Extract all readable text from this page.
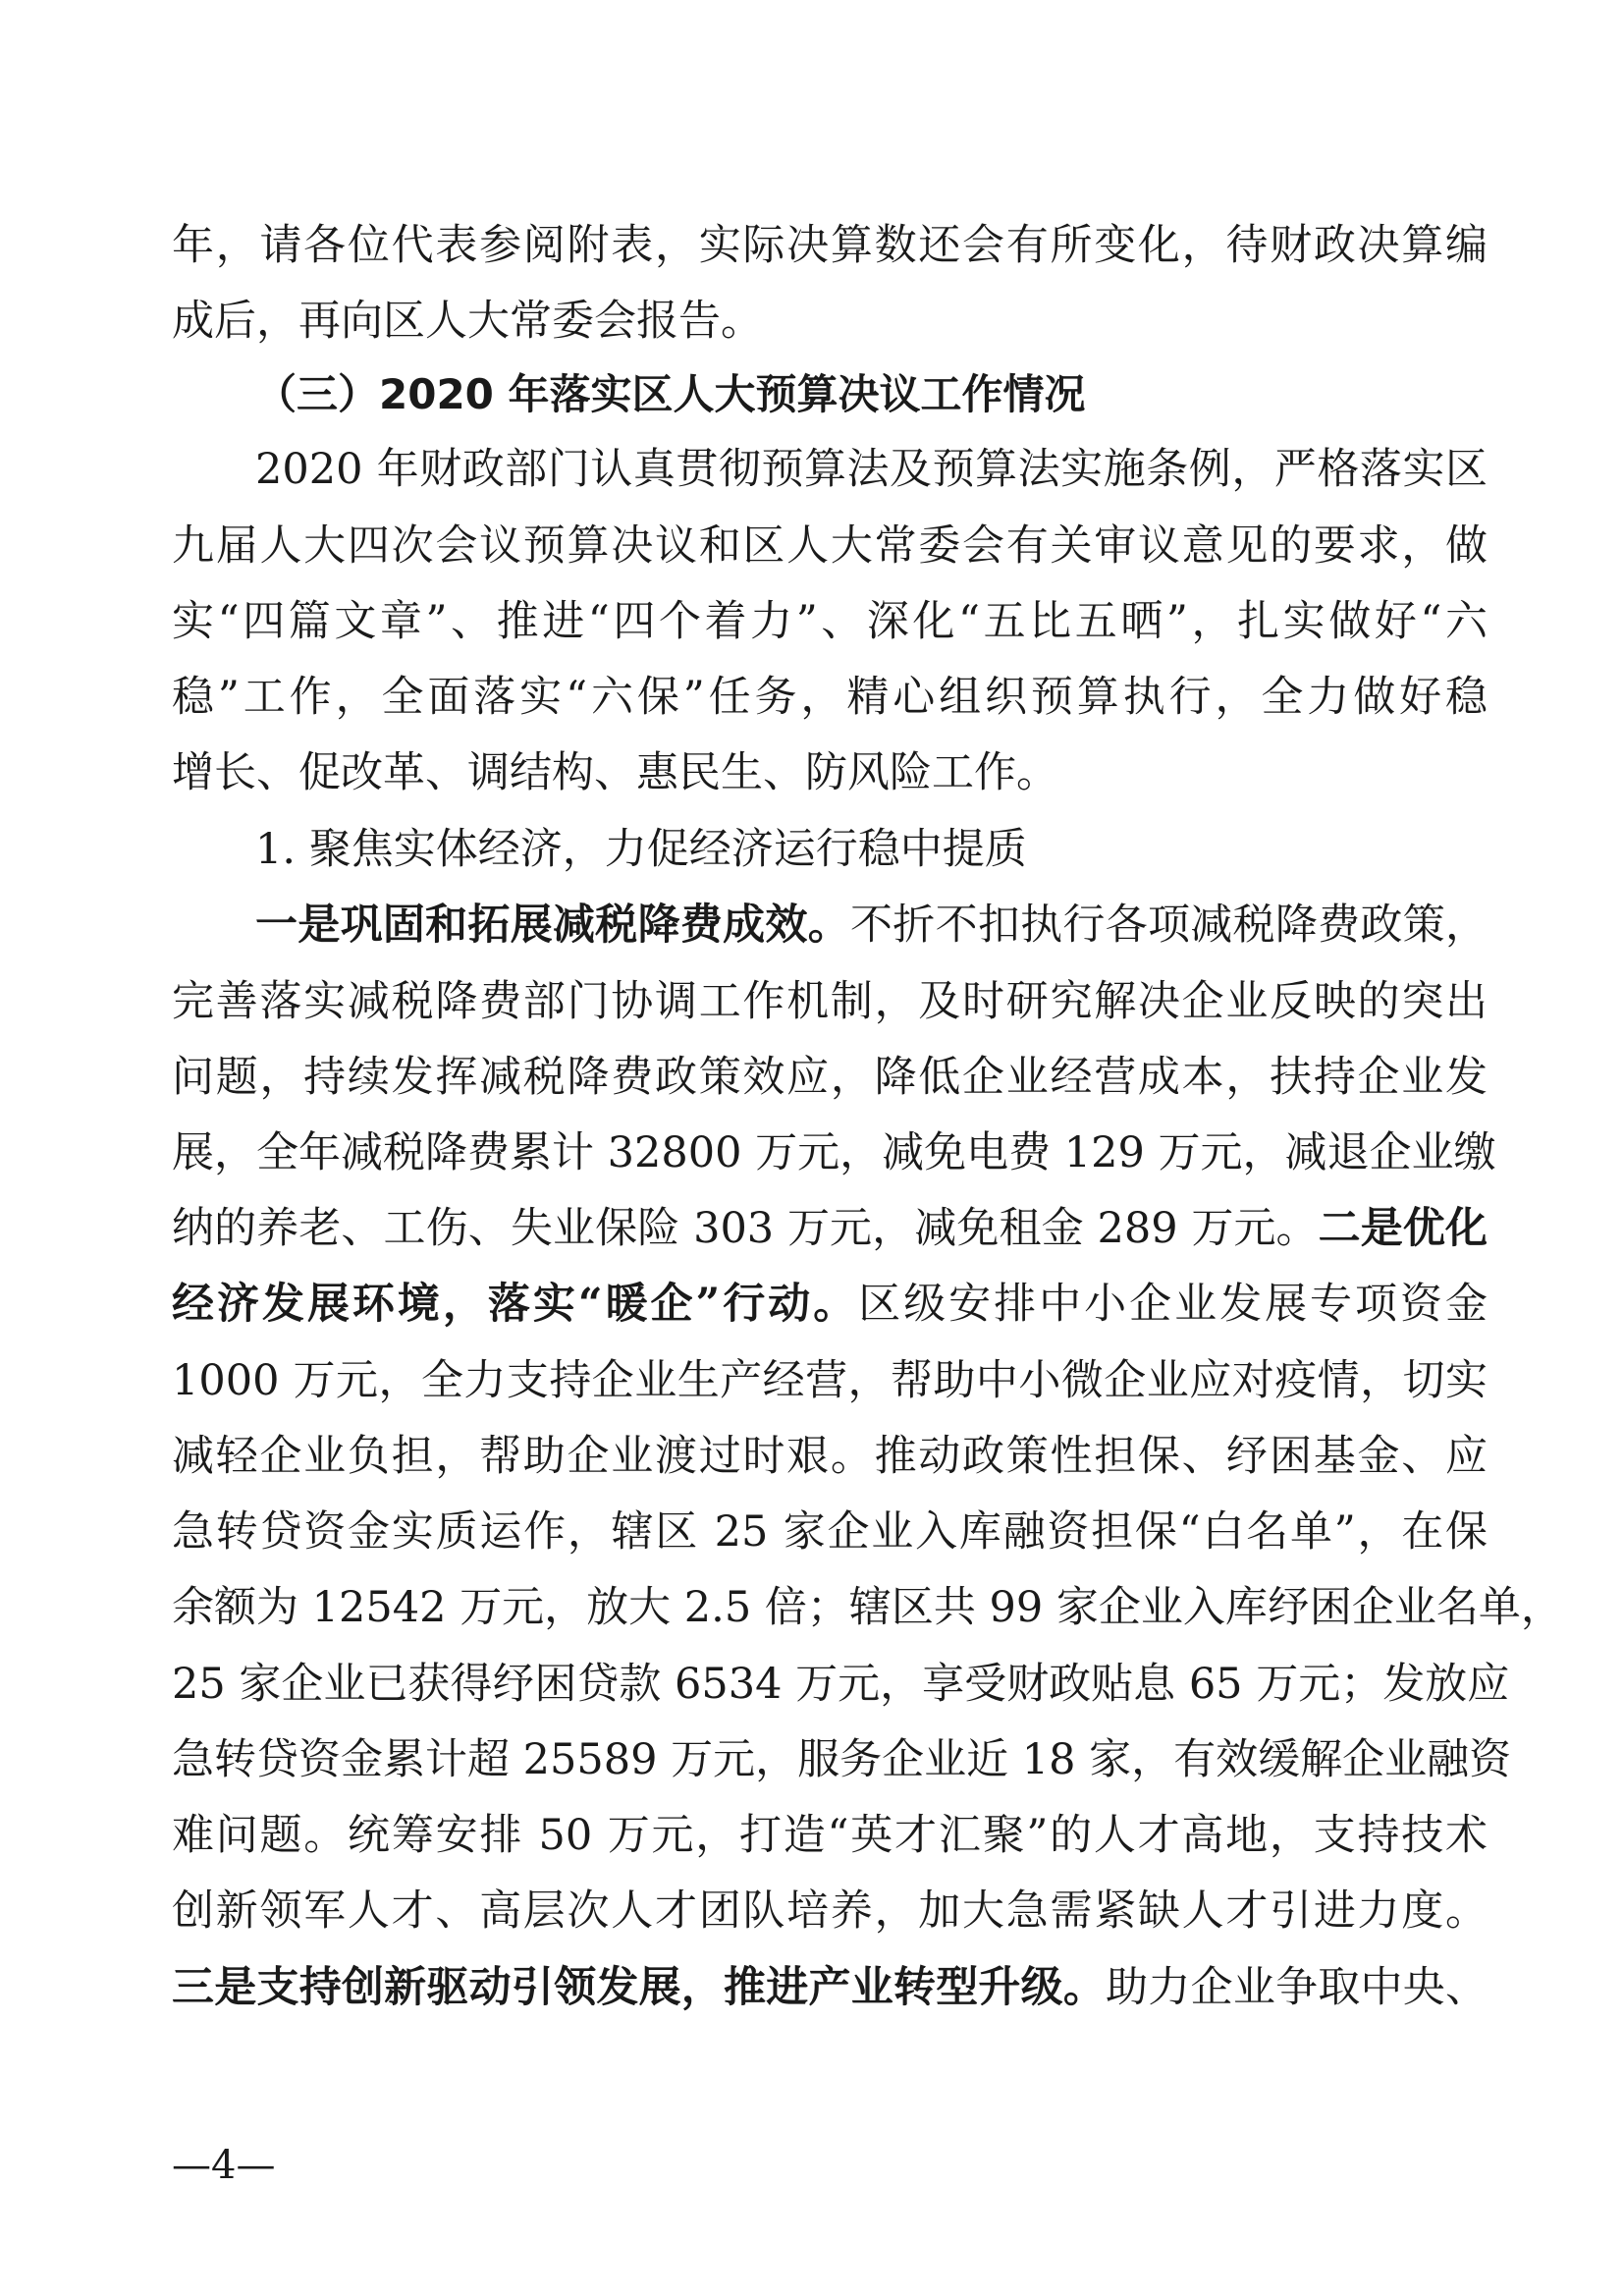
年，请各位代表参阅附表，实际决算数还会有所变化，待财政决算编
成后，再向区人大常委会报告。
（三）2020 年落实区人大预算决议工作情况
2020 年财政部门认真贯彻预算法及预算法实施条例，严格落实区
九届人大四次会议预算决议和区人大常委会有关审议意见的要求，做
实“四篇文章”、推进“四个着力”、深化“五比五晒”，扎实做好“六
稳”工作，全面落实“六保”任务，精心组织预算执行，全力做好稳
增长、促改革、调结构、惠民生、防风险工作。
1. 聚焦实体经济，力促经济运行稳中提质
一是巩固和拓展减税降费成效。不折不扣执行各项减税降费政策，
完善落实减税降费部门协调工作机制，及时研究解决企业反映的突出
问题，持续发挥减税降费政策效应，降低企业经营成本，扶持企业发
展，全年减税降费累计 32800 万元，减免电费 129 万元，减退企业缴
纳的养老、工伤、失业保险 303 万元，减免租金 289 万元。二是优化
经济发展环境，落实“暖企”行动。区级安排中小企业发展专项资金
1000 万元，全力支持企业生产经营，帮助中小微企业应对疫情，切实
减轻企业负担，帮助企业渡过时艰。推动政策性担保、纾困基金、应
急转贷资金实质运作，辖区 25 家企业入库融资担保“白名单”，在保
余额为 12542 万元，放大 2.5 倍；辖区共 99 家企业入库纾困企业名单，
25 家企业已获得纾困贷款 6534 万元，享受财政贴息 65 万元；发放应
急转贷资金累计超 25589 万元，服务企业近 18 家，有效缓解企业融资
难问题。统筹安排 50 万元，打造“英才汇聚”的人才高地，支持技术
创新领军人才、高层次人才团队培养，加大急需紧缺人才引进力度。
三是支持创新驱动引领发展，推进产业转型升级。助力企业争取中央、
—4—
